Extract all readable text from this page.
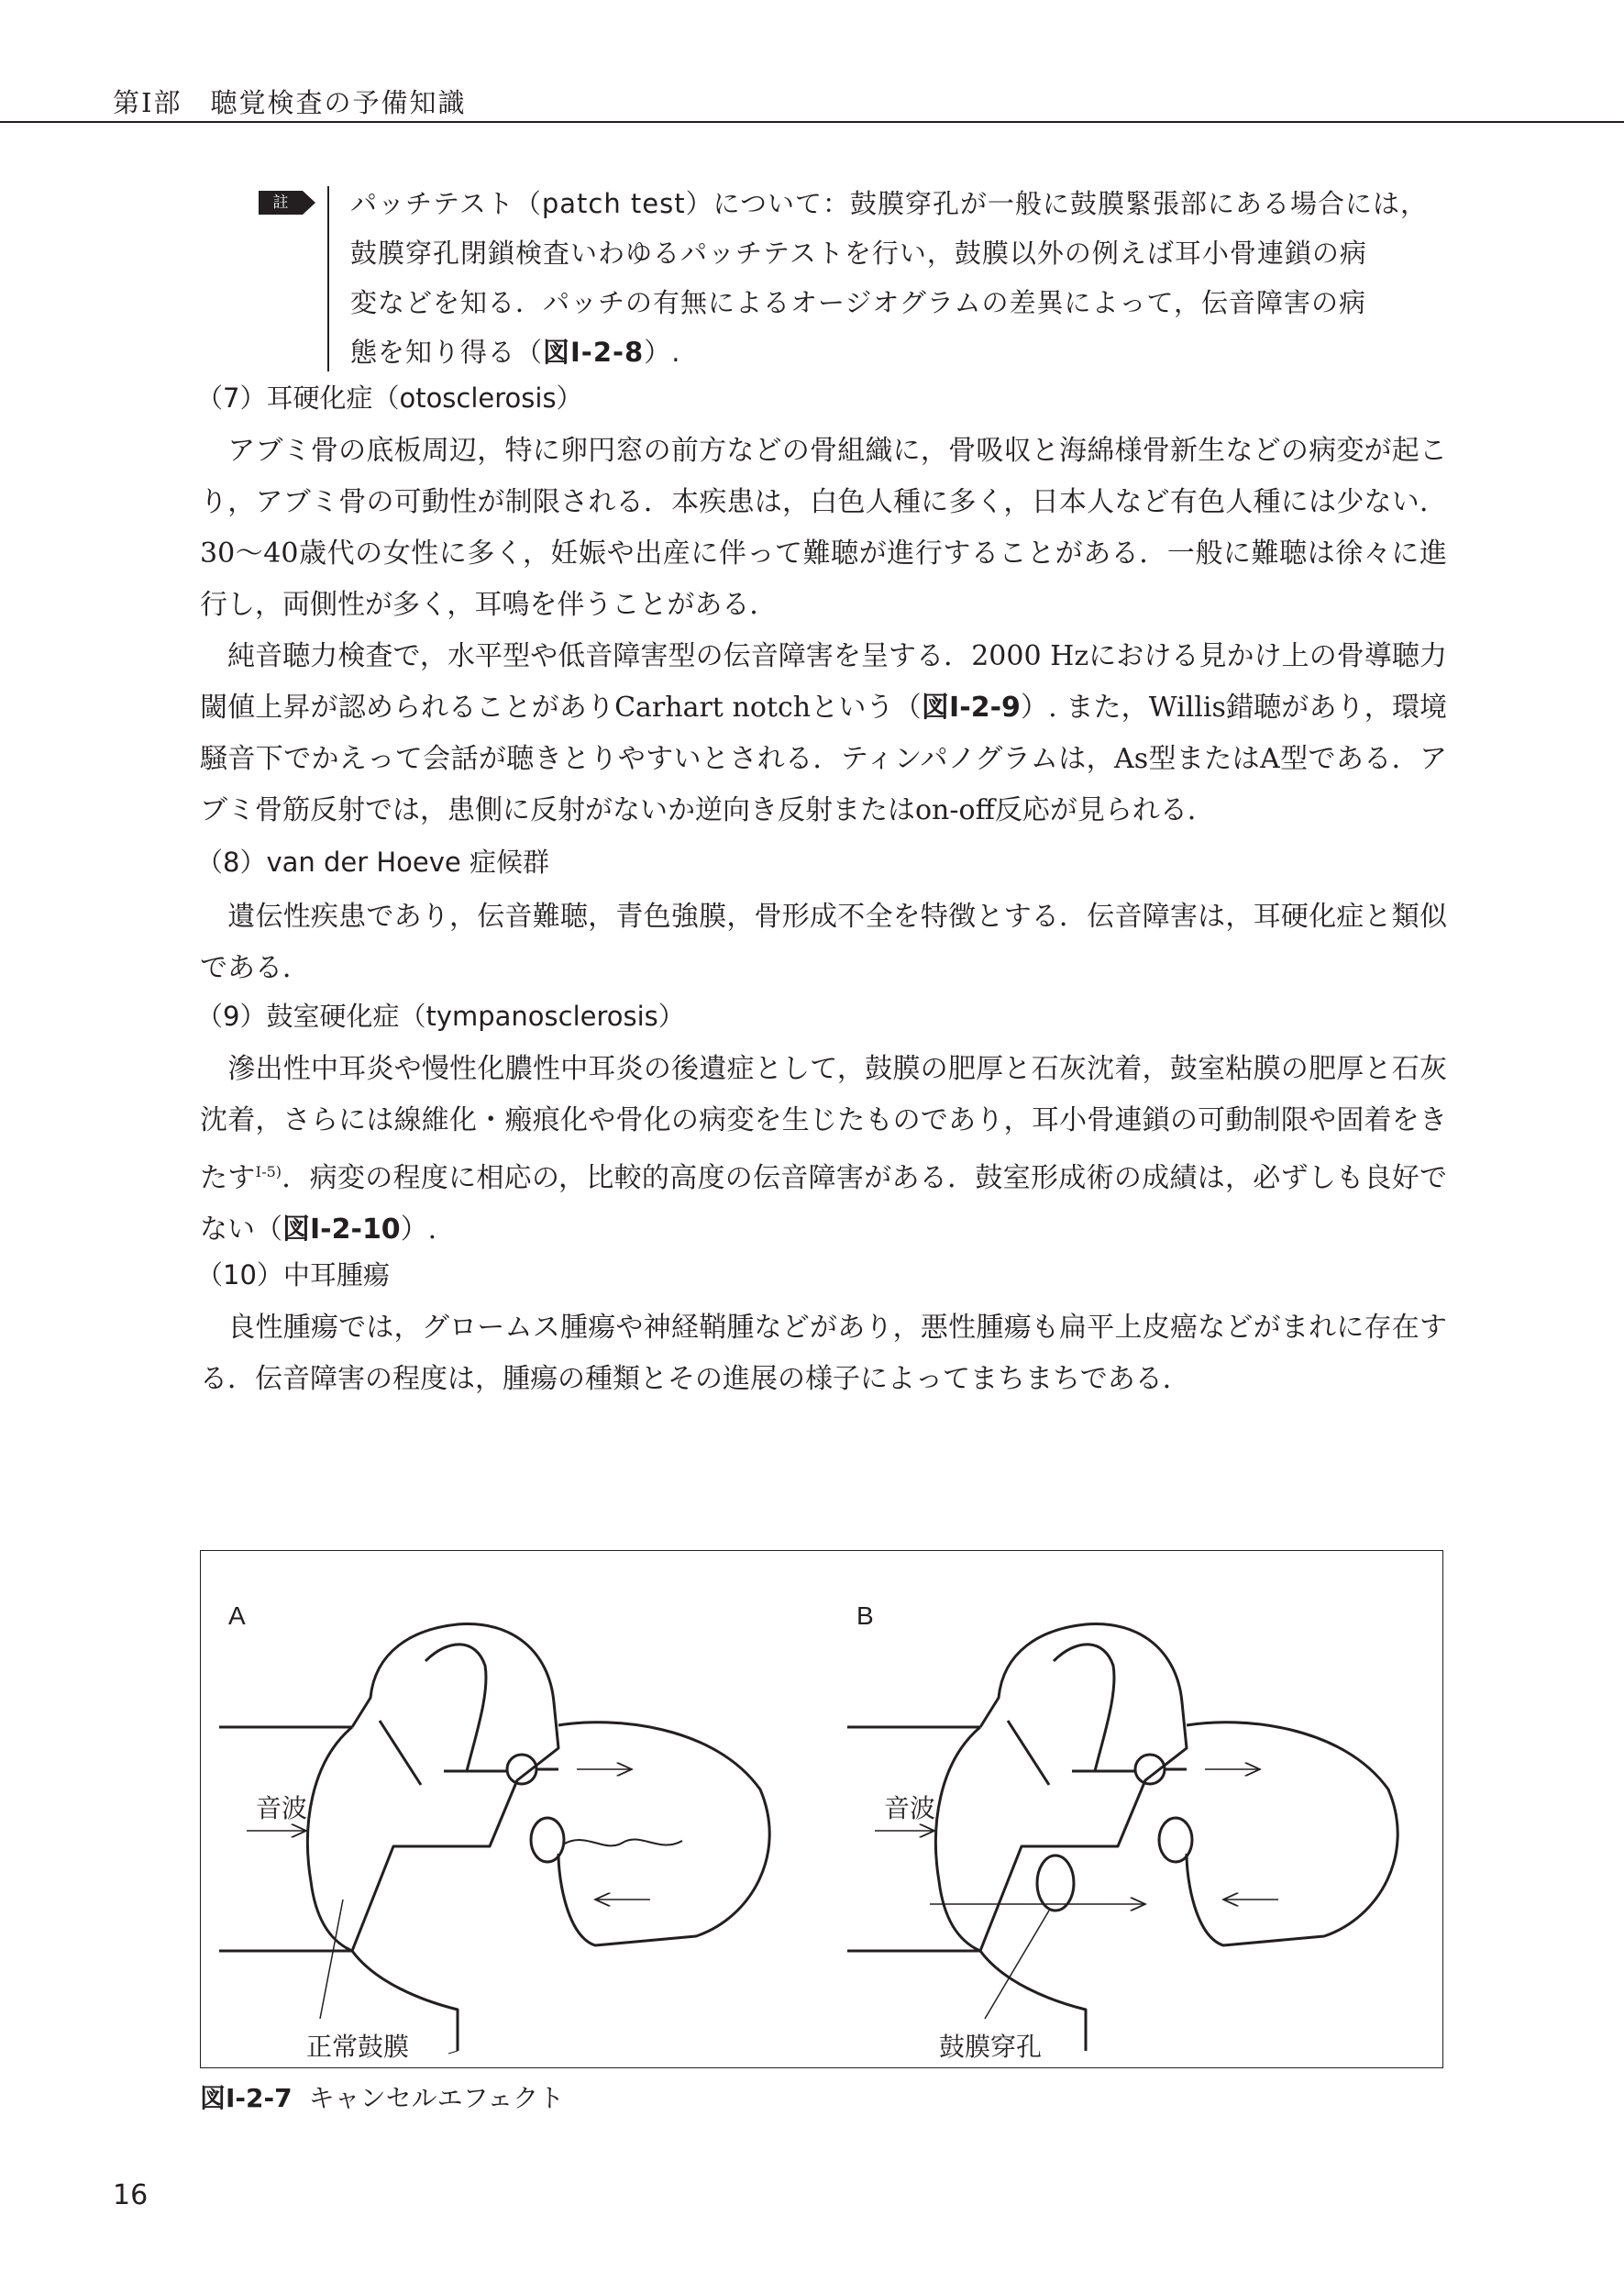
第Ⅰ部　聴覚検査の予備知識
註	パッチテスト（patch test）について：鼓膜穿孔が一般に鼓膜緊張部にある場合には，
鼓膜穿孔閉鎖検査いわゆるパッチテストを行い，鼓膜以外の例えば耳小骨連鎖の病
変などを知る．パッチの有無によるオージオグラムの差異によって，伝音障害の病
態を知り得る（図Ⅰ-2-8）.
（7）耳硬化症（otosclerosis）
アブミ骨の底板周辺，特に卵円窓の前方などの骨組織に，骨吸収と海綿様骨新生などの病変が起こり，アブミ骨の可動性が制限される．本疾患は，白色人種に多く，日本人など有色人種には少ない．30～40歳代の女性に多く，妊娠や出産に伴って難聴が進行することがある．一般に難聴は徐々に進行し，両側性が多く，耳鳴を伴うことがある．
純音聴力検査で，水平型や低音障害型の伝音障害を呈する．2000 Hzにおける見かけ上の骨導聴力閾値上昇が認められることがありCarhart notchという（図Ⅰ-2-9）. また，Willis錯聴があり，環境騒音下でかえって会話が聴きとりやすいとされる．ティンパノグラムは，As型またはA型である．アブミ骨筋反射では，患側に反射がないか逆向き反射またはon-off反応が見られる．
（8）van der Hoeve 症候群
遺伝性疾患であり，伝音難聴，青色強膜，骨形成不全を特徴とする．伝音障害は，耳硬化症と類似である．
（9）鼓室硬化症（tympanosclerosis）
滲出性中耳炎や慢性化膿性中耳炎の後遺症として，鼓膜の肥厚と石灰沈着，鼓室粘膜の肥厚と石灰沈着，さらには線維化・瘢痕化や骨化の病変を生じたものであり，耳小骨連鎖の可動制限や固着をきたす$^{Ⅰ-5)}$．病変の程度に相応の，比較的高度の伝音障害がある．鼓室形成術の成績は，必ずしも良好でない（図Ⅰ-2-10）.
（10）中耳腫瘍
良性腫瘍では，グロームス腫瘍や神経鞘腫などがあり，悪性腫瘍も扁平上皮癌などがまれに存在する．伝音障害の程度は，腫瘍の種類とその進展の様子によってまちまちである．
A
音波
正常鼓膜
B
音波
鼓膜穿孔
図Ⅰ-2-7 キャンセルエフェクト
16
